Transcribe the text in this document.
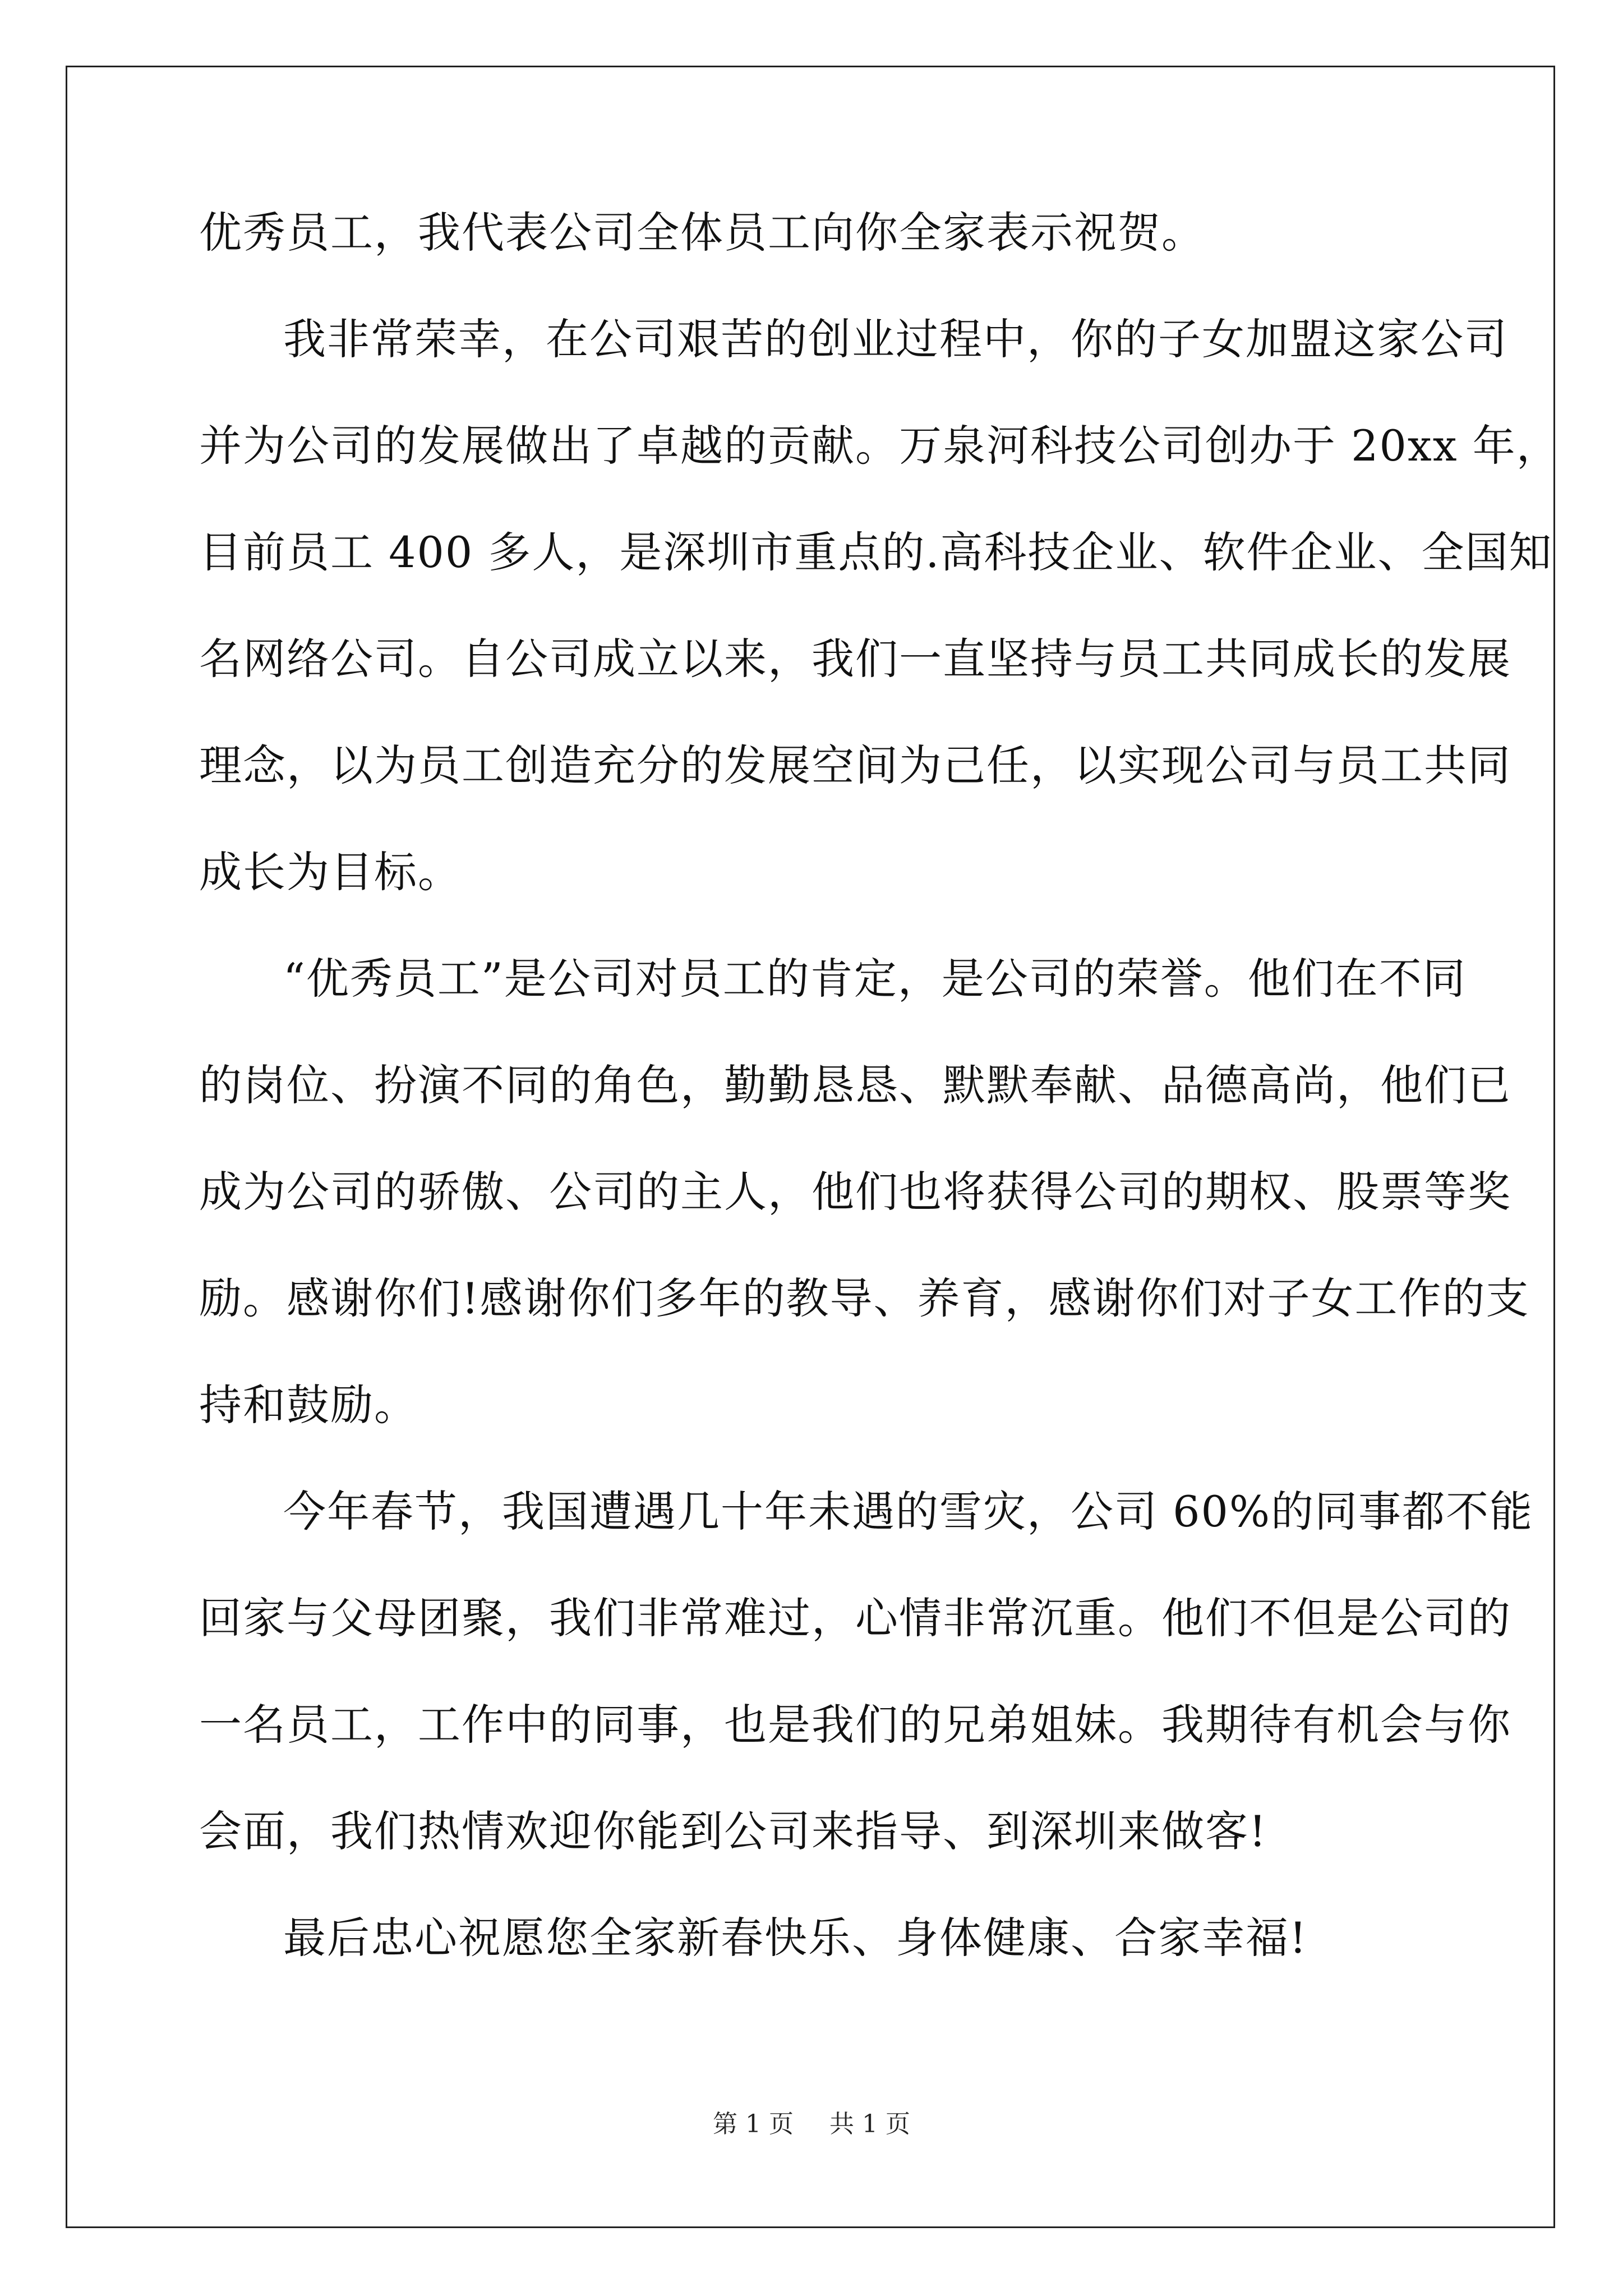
优秀员工，我代表公司全体员工向你全家表示祝贺。
我非常荣幸，在公司艰苦的创业过程中，你的子女加盟这家公司
并为公司的发展做出了卓越的贡献。万泉河科技公司创办于 20xx 年，
目前员工 400 多人，是深圳市重点的.高科技企业、软件企业、全国知
名网络公司。自公司成立以来，我们一直坚持与员工共同成长的发展
理念，以为员工创造充分的发展空间为己任，以实现公司与员工共同
成长为目标。
“优秀员工”是公司对员工的肯定，是公司的荣誉。他们在不同
的岗位、扮演不同的角色，勤勤恳恳、默默奉献、品德高尚，他们已
成为公司的骄傲、公司的主人，他们也将获得公司的期权、股票等奖
励。感谢你们!感谢你们多年的教导、养育，感谢你们对子女工作的支
持和鼓励。
今年春节，我国遭遇几十年未遇的雪灾，公司 60%的同事都不能
回家与父母团聚，我们非常难过，心情非常沉重。他们不但是公司的
一名员工，工作中的同事，也是我们的兄弟姐妹。我期待有机会与你
会面，我们热情欢迎你能到公司来指导、到深圳来做客!
最后忠心祝愿您全家新春快乐、身体健康、合家幸福!
第 1 页 共 1 页
